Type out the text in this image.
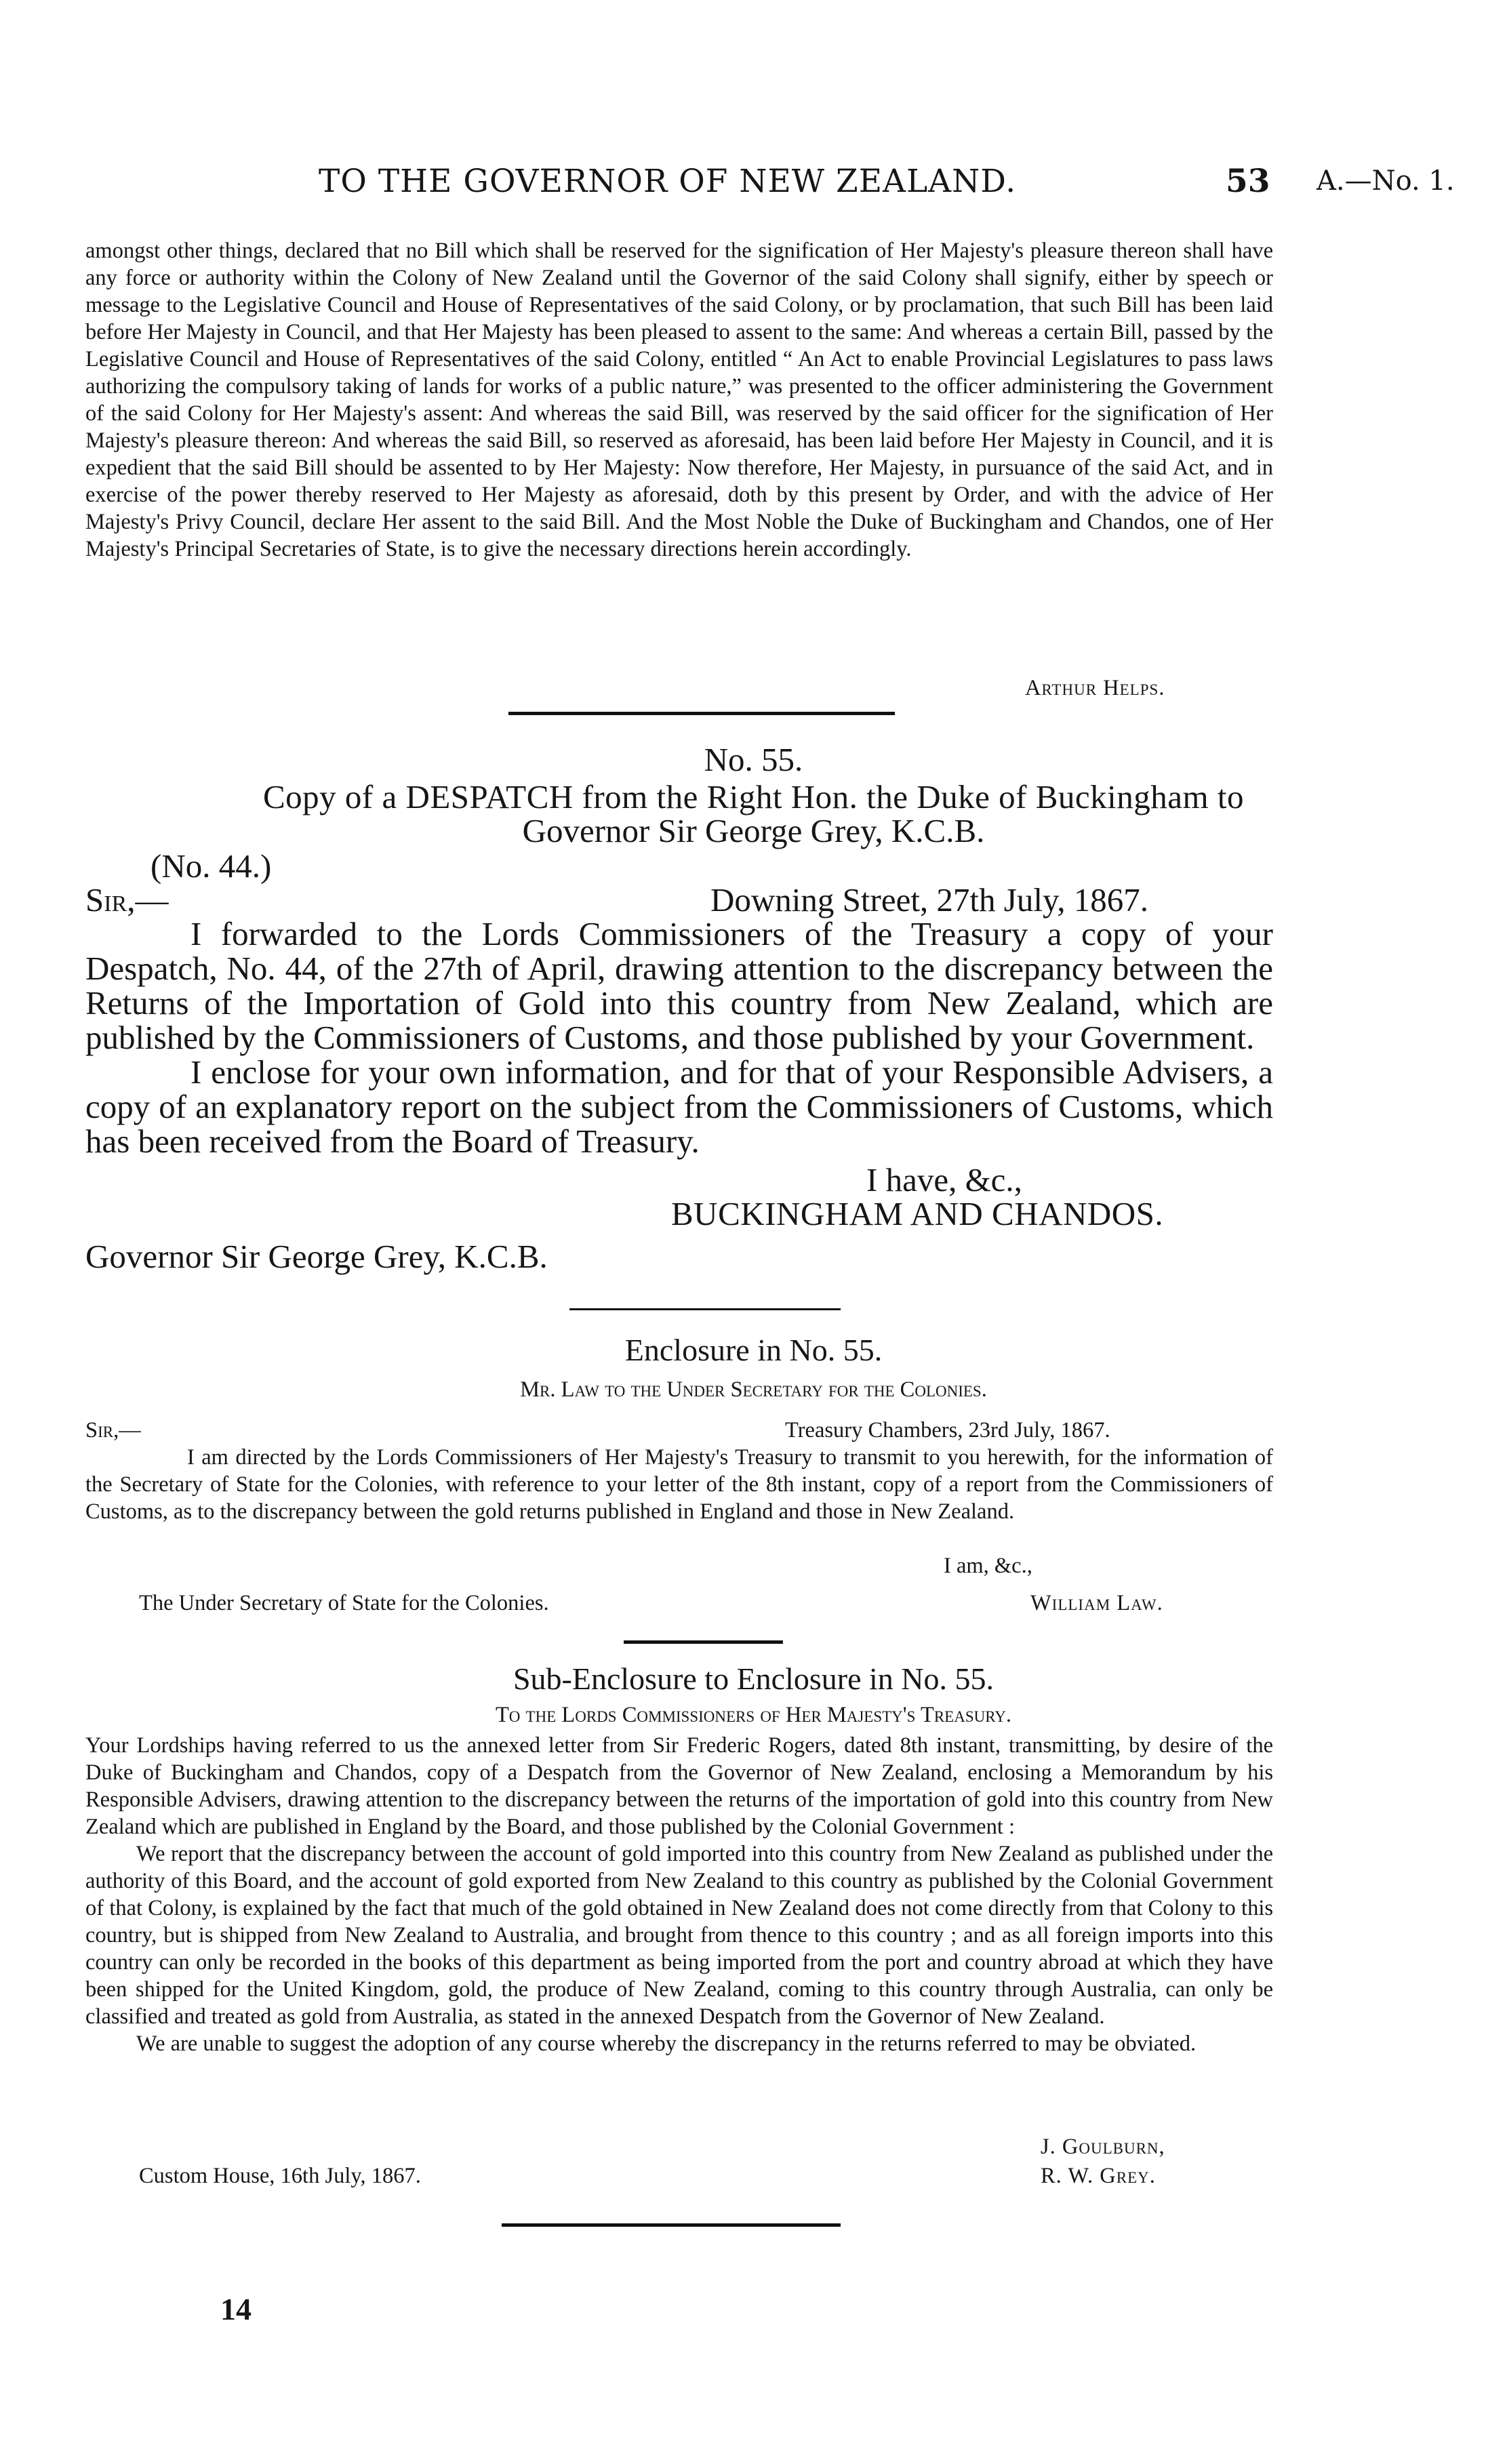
TO THE GOVERNOR OF NEW ZEALAND.	53 A.—No. 1.

amongst other things, declared that no Bill which shall be reserved for the signification of Her Majesty's pleasure thereon shall have any force or authority within the Colony of New Zealand until the Governor of the said Colony shall signify, either by speech or message to the Legislative Council and House of Representatives of the said Colony, or by proclamation, that such Bill has been laid before Her Majesty in Council, and that Her Majesty has been pleased to assent to the same: And whereas a certain Bill, passed by the Legislative Council and House of Representatives of the said Colony, entitled “ An Act to enable Provincial Legislatures to pass laws authorizing the compulsory taking of lands for works of a public nature,” was presented to the officer administering the Government of the said Colony for Her Majesty's assent: And whereas the said Bill, was reserved by the said officer for the signification of Her Majesty's pleasure thereon: And whereas the said Bill, so reserved as aforesaid, has been laid before Her Majesty in Council, and it is expedient that the said Bill should be assented to by Her Majesty: Now therefore, Her Majesty, in pursuance of the said Act, and in exercise of the power thereby reserved to Her Majesty as aforesaid, doth by this present by Order, and with the advice of Her Majesty's Privy Council, declare Her assent to the said Bill. And the Most Noble the Duke of Buckingham and Chandos, one of Her Majesty's Principal Secretaries of State, is to give the necessary directions herein accordingly.

Arthur Helps.
No. 55.
Copy of a DESPATCH from the Right Hon. the Duke of Buckingham to
Governor Sir George Grey, K.C.B.
(No. 44.)
Sir,—	Downing Street, 27th July, 1867.

I forwarded to the Lords Commissioners of the Treasury a copy of your Despatch, No. 44, of the 27th of April, drawing attention to the discrepancy between the Returns of the Importation of Gold into this country from New Zealand, which are published by the Commissioners of Customs, and those published by your Government.

I enclose for your own information, and for that of your Responsible Advisers, a copy of an explanatory report on the subject from the Commissioners of Customs, which has been received from the Board of Treasury.

I have, &c.,
BUCKINGHAM AND CHANDOS.
Governor Sir George Grey, K.C.B.
Enclosure in No. 55.
Mr. Law to the Under Secretary for the Colonies.
Sir,—	Treasury Chambers, 23rd July, 1867.

I am directed by the Lords Commissioners of Her Majesty's Treasury to transmit to you herewith, for the information of the Secretary of State for the Colonies, with reference to your letter of the 8th instant, copy of a report from the Commissioners of Customs, as to the discrepancy between the gold returns published in England and those in New Zealand.

I am, &c.,
The Under Secretary of State for the Colonies.	William Law.
Sub-Enclosure to Enclosure in No. 55.
To the Lords Commissioners of Her Majesty's Treasury.

Your Lordships having referred to us the annexed letter from Sir Frederic Rogers, dated 8th instant, transmitting, by desire of the Duke of Buckingham and Chandos, copy of a Despatch from the Governor of New Zealand, enclosing a Memorandum by his Responsible Advisers, drawing attention to the discrepancy between the returns of the importation of gold into this country from New Zealand which are published in England by the Board, and those published by the Colonial Government :

We report that the discrepancy between the account of gold imported into this country from New Zealand as published under the authority of this Board, and the account of gold exported from New Zealand to this country as published by the Colonial Government of that Colony, is explained by the fact that much of the gold obtained in New Zealand does not come directly from that Colony to this country, but is shipped from New Zealand to Australia, and brought from thence to this country ; and as all foreign imports into this country can only be recorded in the books of this department as being imported from the port and country abroad at which they have been shipped for the United Kingdom, gold, the produce of New Zealand, coming to this country through Australia, can only be classified and treated as gold from Australia, as stated in the annexed Despatch from the Governor of New Zealand.

We are unable to suggest the adoption of any course whereby the discrepancy in the returns referred to may be obviated.

J. Goulburn,
Custom House, 16th July, 1867.	R. W. Grey.
14
